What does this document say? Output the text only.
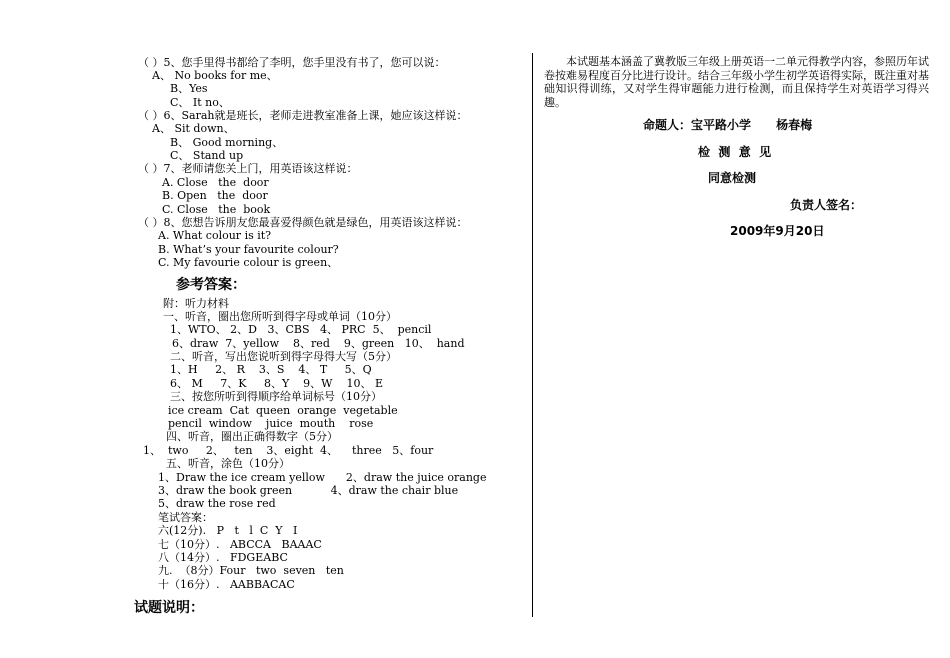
（ ）5、您手里得书都给了李明，您手里没有书了，您可以说：
A、 No books for me、
B、Yes
C、 It no、
（ ）6、Sarah就是班长，老师走进教室准备上课，她应该这样说：
A、 Sit down、
B、 Good morning、
C、 Stand up
（ ）7、老师请您关上门，用英语该这样说：
A. Close   the  door
B. Open   the  door
C. Close   the  book
（ ）8、您想告诉朋友您最喜爱得颜色就是绿色，用英语该这样说：
A. What colour is it?
B. What’s your favourite colour?
C. My favourie colour is green、
参考答案：
附：听力材料
一、听音，圈出您所听到得字母或单词（10分）
1、WTO、 2、D   3、CBS   4、 PRC  5、  pencil
6、draw  7、yellow    8、red    9、green   10、  hand
二、听音，写出您说听到得字母得大写（5分）
1、H     2、 R    3、S    4、 T     5、Q
6、 M     7、K     8、Y    9、W    10、 E
三、按您所听到得顺序给单词标号（10分）
ice cream  Cat  queen  orange  vegetable
pencil  window    juice  mouth    rose
四、听音，圈出正确得数字（5分）
1、  two     2、   ten    3、eight  4、    three   5、four
五、听音，涂色（10分）
1、Draw the ice cream yellow      2、draw the juice orange
3、draw the book green           4、draw the chair blue
5、draw the rose red
笔试答案：
六(12分).   P   t   l  C  Y   I
七（10分）.   ABCCA   BAAAC
八（14分）.   FDGEABC
九.  （8分）Four   two  seven   ten
十（16分）.   AABBACAC
试题说明：
本试题基本涵盖了冀教版三年级上册英语一二单元得教学内容，参照历年试卷按难易程度百分比进行设计。结合三年级小学生初学英语得实际，既注重对基础知识得训练，又对学生得审题能力进行检测，而且保持学生对英语学习得兴趣。
命题人：宝平路小学      杨春梅
检  测  意  见
同意检测
负责人签名：
2009年9月20日
